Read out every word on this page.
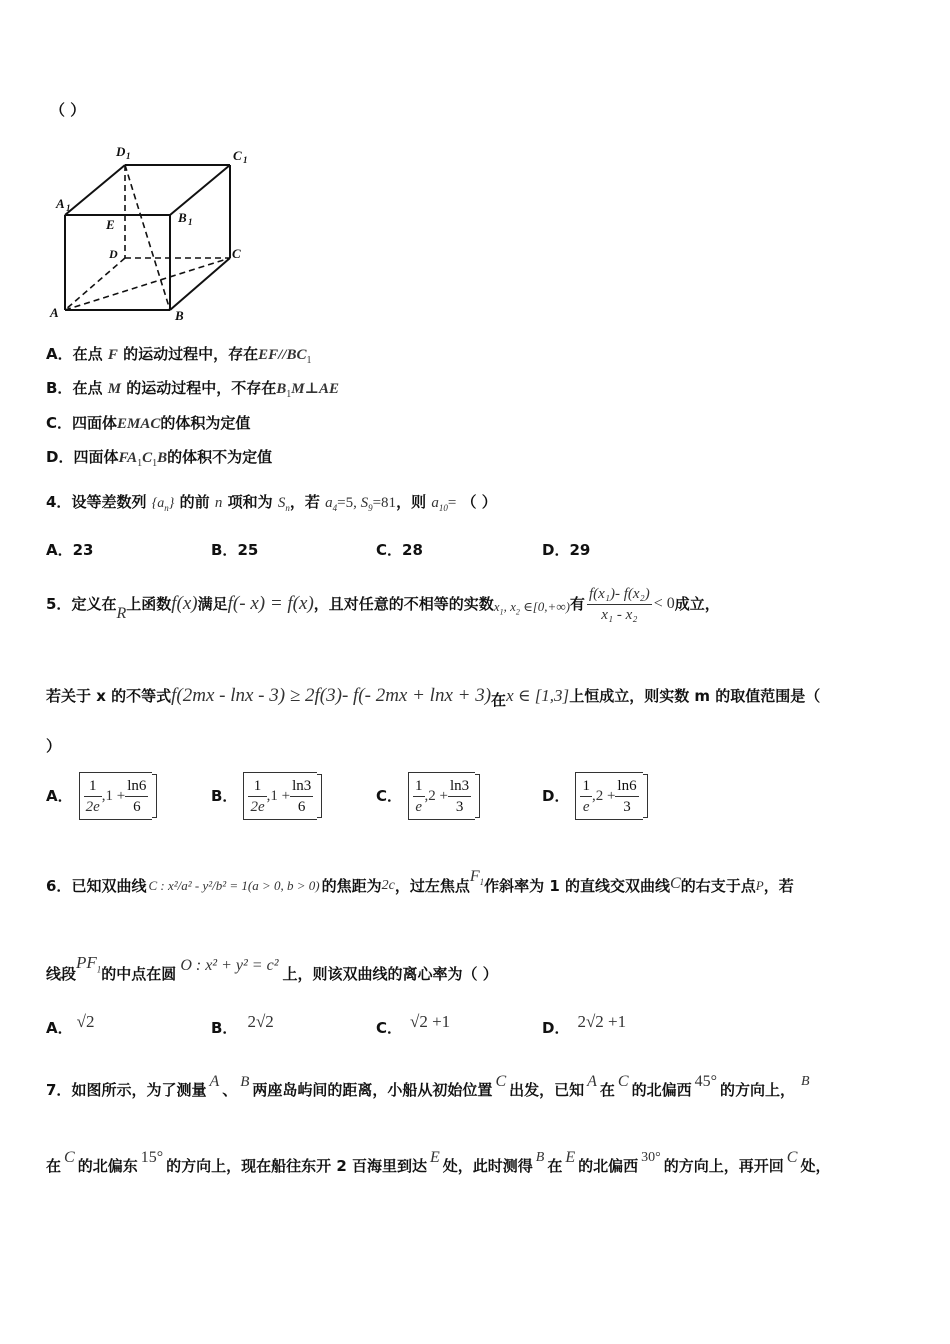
（ ）
D 1	C 1
A 1
B 1
E
D	C
A	B
A．在点 F 的运动过程中，存在$EF//BC_1$
B．在点 M 的运动过程中，不存在$B_1M\perp AE$
C．四面体EMAC的体积为定值
D．四面体$FA_1C_1B$的体积不为定值
4．设等差数列 $\{a_n\}$ 的前 n 项和为 $S_n$，若 $a_4=5$, $S_9=81$，则 $a_{10}=$ （ ）
A．23	B．25	C．28	D．29
5． 定义在
R
上函数 f(x) 满足 f(- x) = f(x) ，且对任意的不相等的实数 $x_1$, $x_2$ ∈[0,+∞) 有 $\frac{\text{f(x₁)- f(x₂)}}{\text{x₁ - x₂}} < 0$ 成立，
若关于 x 的不等式 f(2mx - lnx - 3) ≥ 2f(3)- f(- 2mx + lnx + 3) 在 x ∈ [1,3] 上恒成立，则实数 m 的取值范围是（
）
A． $\frac{1}{2e} ,1 + \frac{\ln 6}{6}$	B． $\frac{1}{2e} ,1 + \frac{\ln 3}{6}$	C． $\frac{1}{e} ,2 + \frac{\ln 3}{3}$	D． $\frac{1}{e} ,2 + \frac{\ln 6}{3}$
6． 已知双曲线 C : x²/a² - y²/b² = 1(a > 0, b > 0) 的焦距为 2c ，过左焦点
$F_1$ 作斜率为 1 的直线交双曲线 C 的右支于点 P ，若
线段
$PF_1$ 的中点在圆 O : x² + y² = c² 上，则该双曲线的离心率为（ ）
A． √2	B． 2√2	C． √2 +1	D． 2√2 +1
7． 如图所示，为了测量 A 、 B 两座岛屿间的距离，小船从初始位置 C 出发，已知 A 在 C 的北偏西 45° 的方向上， B
在 C 的北偏东 15° 的方向上，现在船往东开 2 百海里到达 E 处，此时测得 B 在 E 的北偏西 30° 的方向上，再开回 C 处，
